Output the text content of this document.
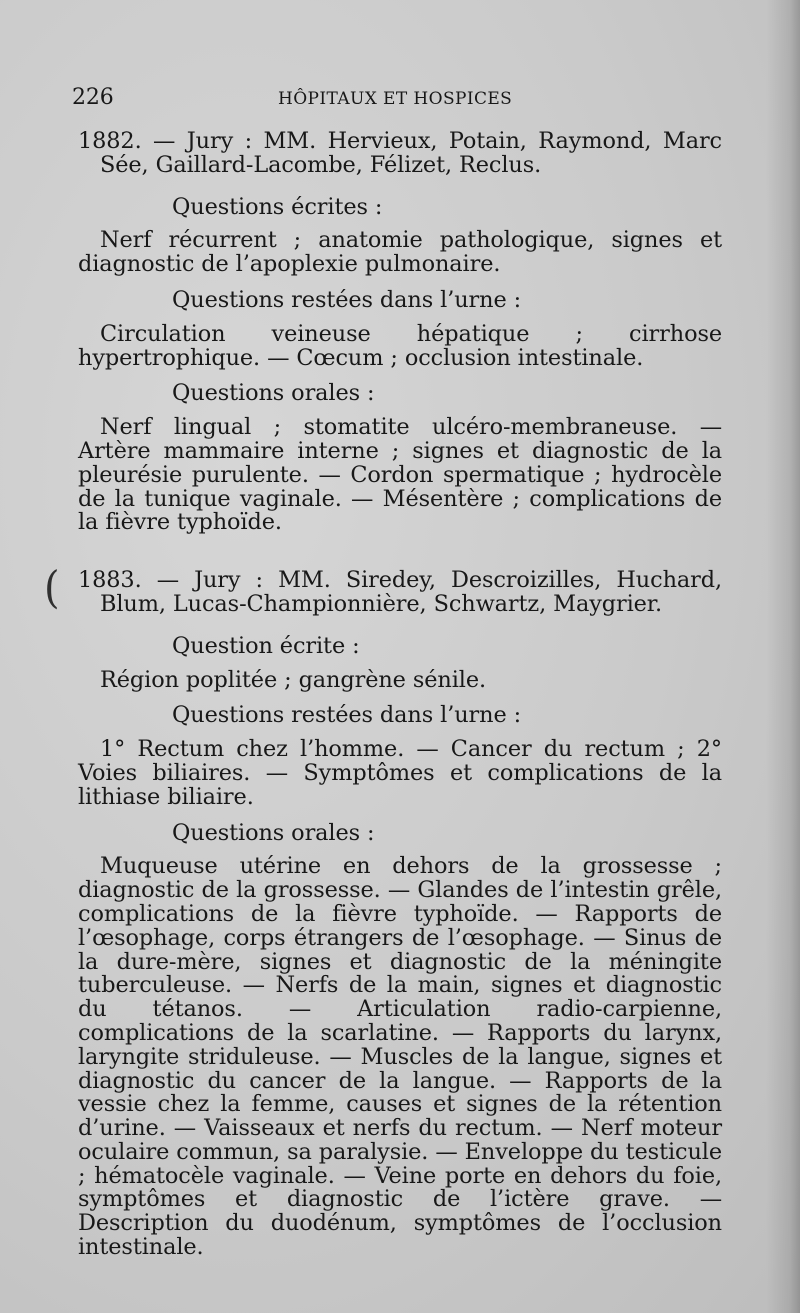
(
226	HÔPITAUX ET HOSPICES

1882. — Jury : MM. Hervieux, Potain, Raymond, Marc Sée, Gaillard-Lacombe, Félizet, Reclus.

Questions écrites :

Nerf récurrent ; anatomie pathologique, signes et diagnostic de l’apoplexie pulmonaire.

Questions restées dans l’urne :

Circulation veineuse hépatique ; cirrhose hypertrophique. — Cœcum ; occlusion intestinale.

Questions orales :

Nerf lingual ; stomatite ulcéro-membraneuse. — Artère mammaire interne ; signes et diagnostic de la pleurésie purulente. — Cordon spermatique ; hydrocèle de la tunique vaginale. — Mésentère ; complications de la fièvre typhoïde.

1883. — Jury : MM. Siredey, Descroizilles, Huchard, Blum, Lucas-Championnière, Schwartz, Maygrier.

Question écrite :

Région poplitée ; gangrène sénile.

Questions restées dans l’urne :

1° Rectum chez l’homme. — Cancer du rectum ; 2° Voies biliaires. — Symptômes et complications de la lithiase biliaire.

Questions orales :

Muqueuse utérine en dehors de la grossesse ; diagnostic de la grossesse. — Glandes de l’intestin grêle, complications de la fièvre typhoïde. — Rapports de l’œsophage, corps étrangers de l’œsophage. — Sinus de la dure-mère, signes et diagnostic de la méningite tuberculeuse. — Nerfs de la main, signes et diagnostic du tétanos. — Articulation radio-carpienne, complications de la scarlatine. — Rapports du larynx, laryngite striduleuse. — Muscles de la langue, signes et diagnostic du cancer de la langue. — Rapports de la vessie chez la femme, causes et signes de la rétention d’urine. — Vaisseaux et nerfs du rectum. — Nerf moteur oculaire commun, sa paralysie. — Enveloppe du testicule ; hématocèle vaginale. — Veine porte en dehors du foie, symptômes et diagnostic de l’ictère grave. — Description du duodénum, symptômes de l’occlusion intestinale.
